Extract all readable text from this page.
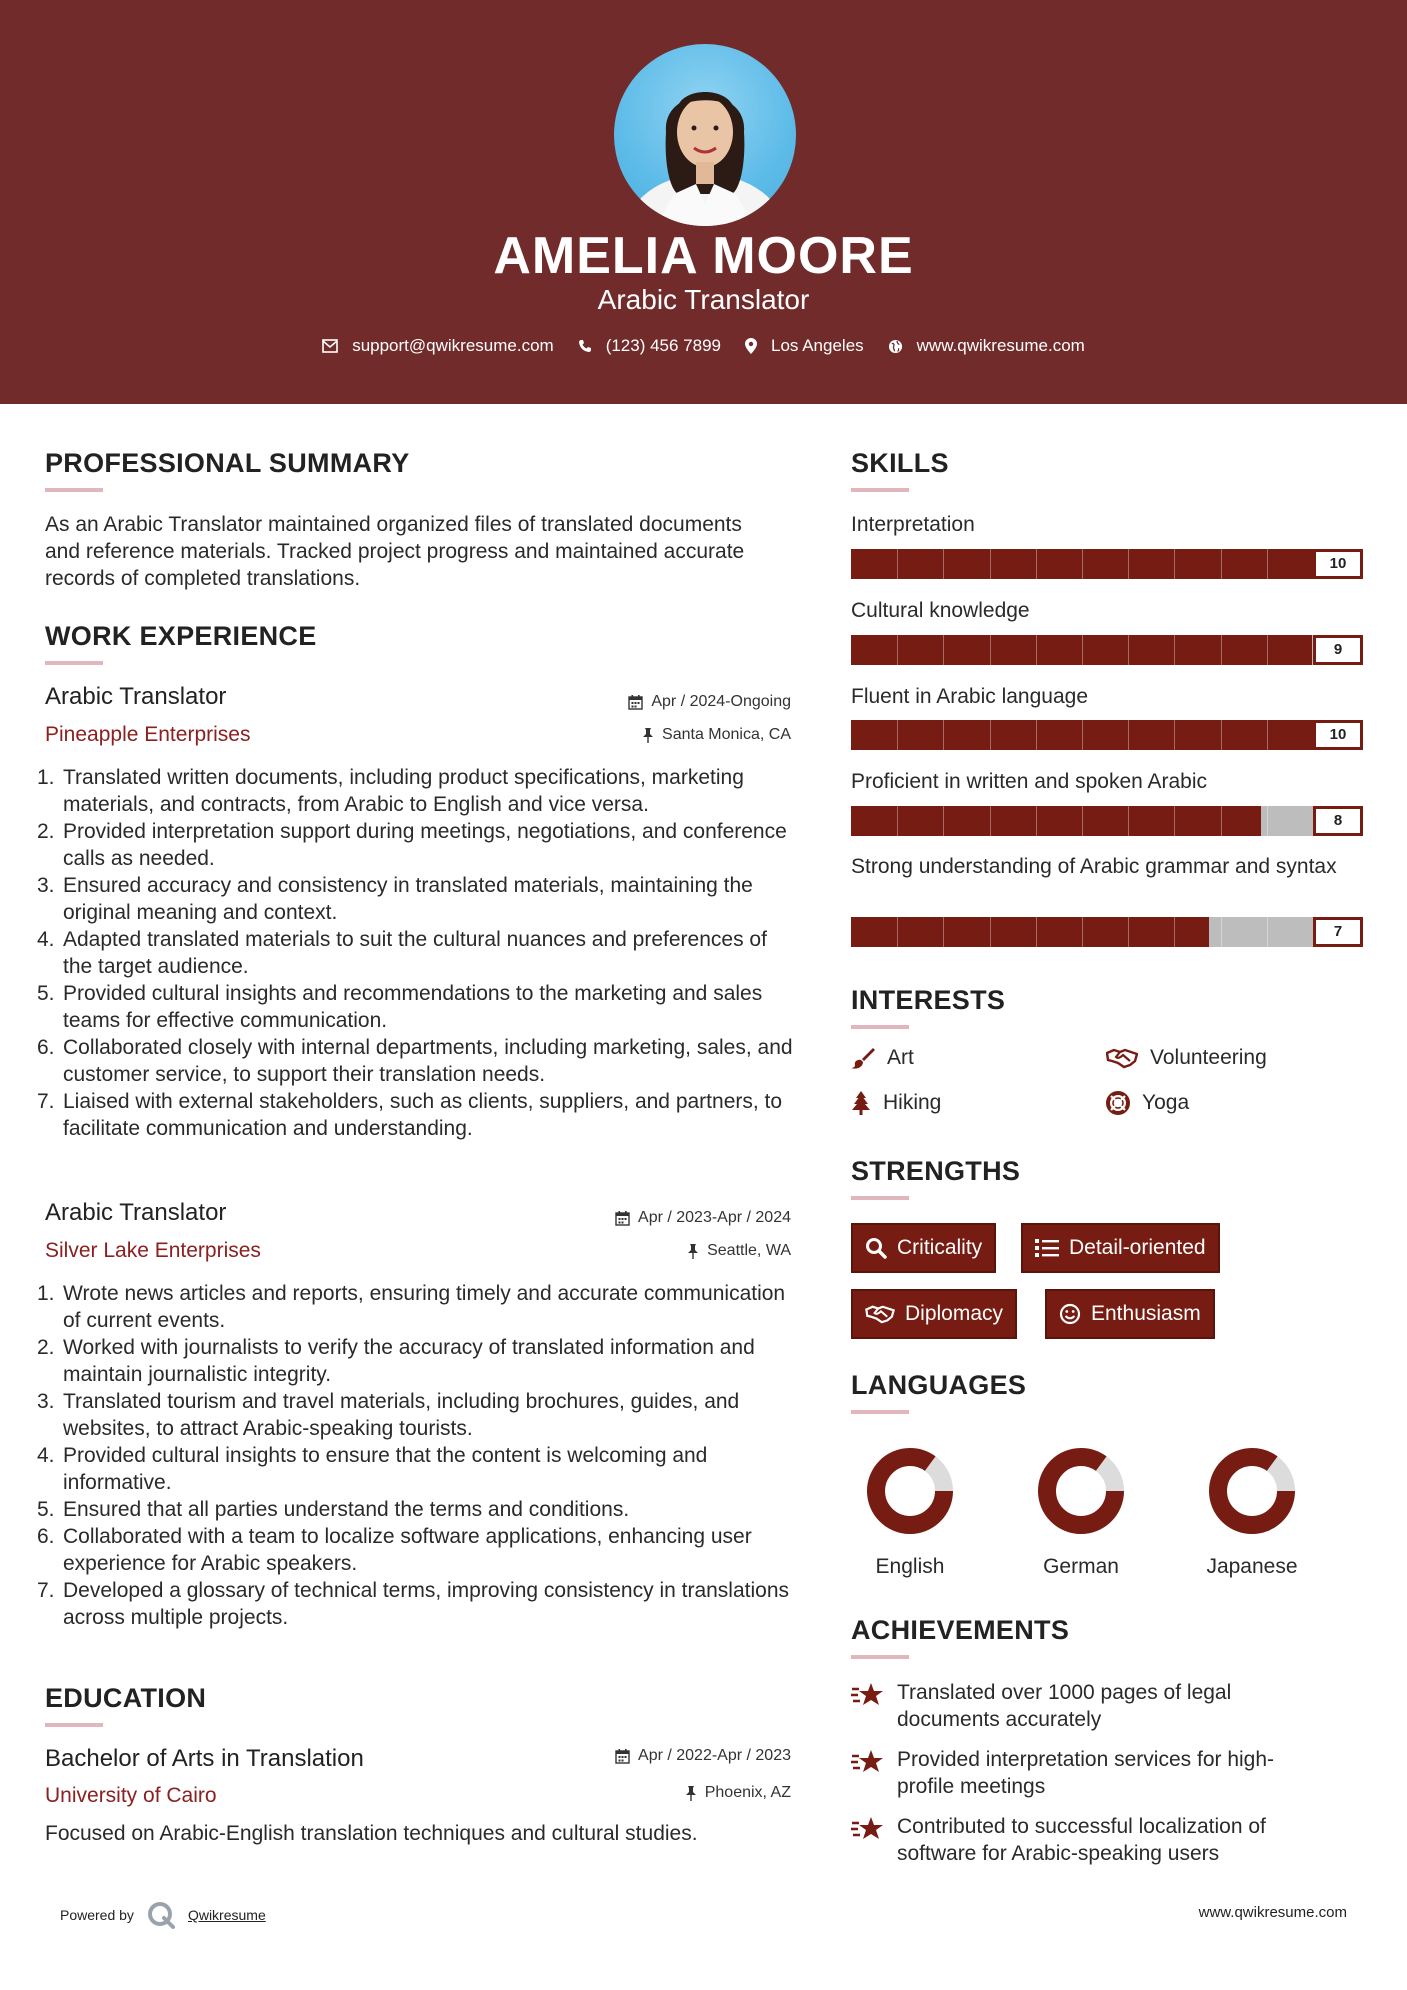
AMELIA MOORE
Arabic Translator
support@qwikresume.com	(123) 456 7899	Los Angeles	www.qwikresume.com
PROFESSIONAL SUMMARY
As an Arabic Translator maintained organized files of translated documents and reference materials. Tracked project progress and maintained accurate records of completed translations.
WORK EXPERIENCE
Arabic Translator	Apr / 2024-Ongoing
Pineapple Enterprises	Santa Monica, CA
1. Translated written documents, including product specifications, marketing materials, and contracts, from Arabic to English and vice versa.
2. Provided interpretation support during meetings, negotiations, and conference calls as needed.
3. Ensured accuracy and consistency in translated materials, maintaining the original meaning and context.
4. Adapted translated materials to suit the cultural nuances and preferences of the target audience.
5. Provided cultural insights and recommendations to the marketing and sales teams for effective communication.
6. Collaborated closely with internal departments, including marketing, sales, and customer service, to support their translation needs.
7. Liaised with external stakeholders, such as clients, suppliers, and partners, to facilitate communication and understanding.
Arabic Translator	Apr / 2023-Apr / 2024
Silver Lake Enterprises	Seattle, WA
1. Wrote news articles and reports, ensuring timely and accurate communication of current events.
2. Worked with journalists to verify the accuracy of translated information and maintain journalistic integrity.
3. Translated tourism and travel materials, including brochures, guides, and websites, to attract Arabic-speaking tourists.
4. Provided cultural insights to ensure that the content is welcoming and informative.
5. Ensured that all parties understand the terms and conditions.
6. Collaborated with a team to localize software applications, enhancing user experience for Arabic speakers.
7. Developed a glossary of technical terms, improving consistency in translations across multiple projects.
EDUCATION
Bachelor of Arts in Translation	Apr / 2022-Apr / 2023
University of Cairo	Phoenix, AZ
Focused on Arabic-English translation techniques and cultural studies.
SKILLS
Interpretation
10
Cultural knowledge
9
Fluent in Arabic language
10
Proficient in written and spoken Arabic
8
Strong understanding of Arabic grammar and syntax
7
INTERESTS
Art	Volunteering
Hiking	Yoga
STRENGTHS
Criticality	Detail-oriented
Diplomacy	Enthusiasm
LANGUAGES
English	German	Japanese
ACHIEVEMENTS
Translated over 1000 pages of legal documents accurately
Provided interpretation services for high-profile meetings
Contributed to successful localization of software for Arabic-speaking users
Powered by	Qwikresume	www.qwikresume.com
